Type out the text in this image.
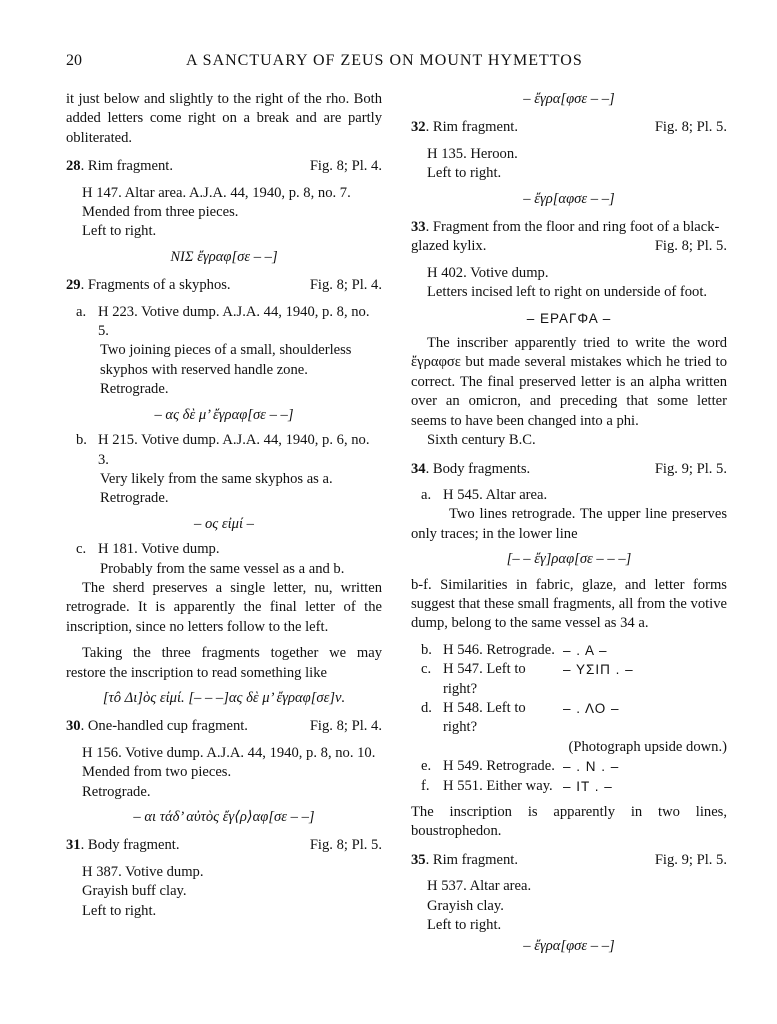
20	A SANCTUARY OF ZEUS ON MOUNT HYMETTOS

it just below and slightly to the right of the rho. Both added letters come right on a break and are partly obliterated.

28. Rim fragment.	Fig. 8; Pl. 4.

H 147. Altar area. A.J.A. 44, 1940, p. 8, no. 7.

Mended from three pieces.

Left to right.

ΝΙΣ ἔγραφ[σε – –]

29. Fragments of a skyphos.	Fig. 8; Pl. 4.
a. H 223. Votive dump. A.J.A. 44, 1940, p. 8, no. 5.

Two joining pieces of a small, shoulderless skyphos with reserved handle zone.

Retrograde.

– ας δὲ μ’ ἔγραφ[σε – –]

b. H 215. Votive dump. A.J.A. 44, 1940, p. 6, no. 3.

Very likely from the same skyphos as a.

Retrograde.

– ος εἰμί –

c. H 181. Votive dump.

Probably from the same vessel as a and b.

The sherd preserves a single letter, nu, written retrograde. It is apparently the final letter of the inscription, since no letters follow to the left.

Taking the three fragments together we may restore the inscription to read something like

[τô Δι]ὸς εἰμί. [– – –]ας δὲ μ’ ἔγραφ[σε]ν.

30. One-handled cup fragment.	Fig. 8; Pl. 4.

H 156. Votive dump. A.J.A. 44, 1940, p. 8, no. 10.

Mended from two pieces.

Retrograde.

– αι τάδ’ αὐτὸς ἔγ⟨ρ⟩αφ[σε – –]

31. Body fragment.	Fig. 8; Pl. 5.

H 387. Votive dump.

Grayish buff clay.

Left to right.

– ἔγρα[φσε – –]

32. Rim fragment.	Fig. 8; Pl. 5.

H 135. Heroon.

Left to right.

– ἔγρ[αφσε – –]

33. Fragment from the floor and ring foot of a black-glazed kylix.	Fig. 8; Pl. 5.

H 402. Votive dump.

Letters incised left to right on underside of foot.

– ΕΡΑΓΦΑ –

The inscriber apparently tried to write the word ἔγραφσε but made several mistakes which he tried to correct. The final preserved letter is an alpha written over an omicron, and preceding that some letter seems to have been changed into a phi.

Sixth century B.C.

34. Body fragments.	Fig. 9; Pl. 5.
a. H 545. Altar area.

Two lines retrograde. The upper line preserves only traces; in the lower line

[– – ἔγ]ραφ[σε – – –]

b-f. Similarities in fabric, glaze, and letter forms suggest that these small fragments, all from the votive dump, belong to the same vessel as 34 a.

b. H 546. Retrograde. – . Α –
c. H 547. Left to right?
– ΥΣΙΠ . –
d. H 548. Left to right?
– . ΛΟ –

(Photograph upside down.)

e. H 549. Retrograde. – . Ν . –
f. H 551. Either way. – ΙΤ . –

The inscription is apparently in two lines, boustrophedon.

35. Rim fragment.	Fig. 9; Pl. 5.

H 537. Altar area.

Grayish clay.

Left to right.

– ἔγρα[φσε – –]
